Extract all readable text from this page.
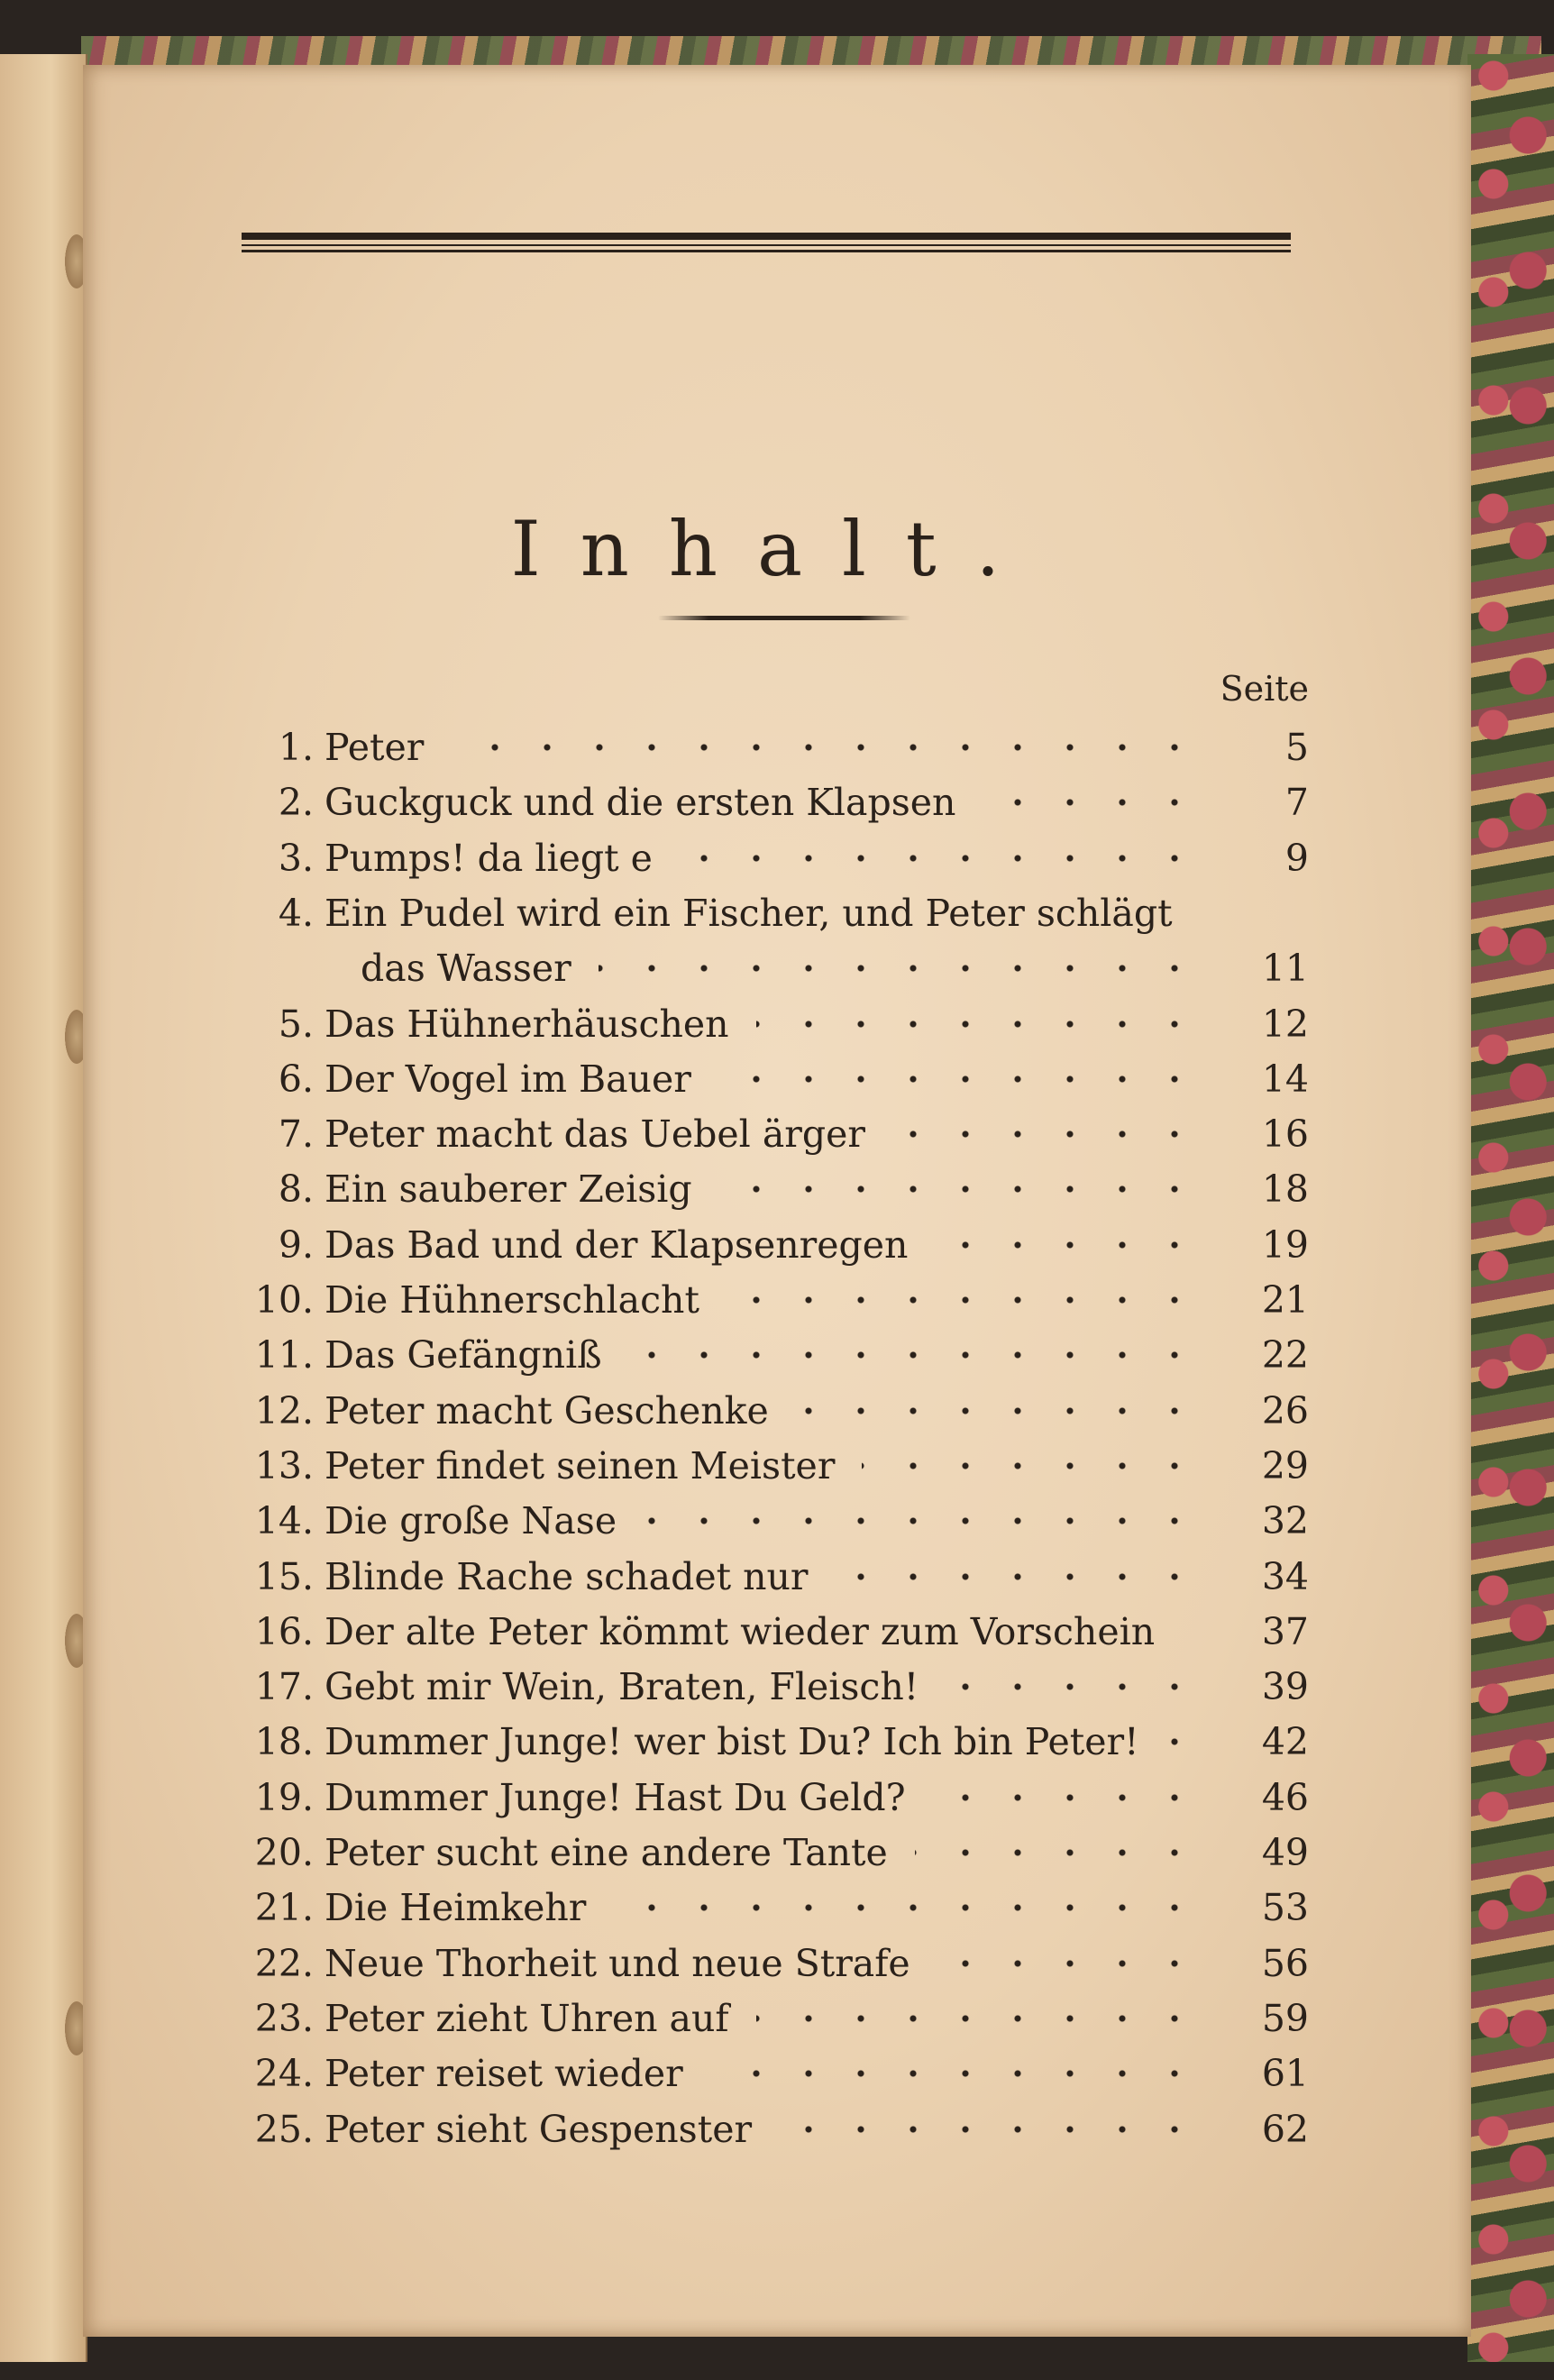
Inhalt.
Seite
1. Peter	5
2. Guckguck und die ersten Klapsen	7
3. Pumps! da liegt e	9
4. Ein Pudel wird ein Fischer, und Peter schlägt
das Wasser	11
5. Das Hühnerhäuschen	12
6. Der Vogel im Bauer	14
7. Peter macht das Uebel ärger	16
8. Ein sauberer Zeisig	18
9. Das Bad und der Klapsenregen	19
10. Die Hühnerschlacht	21
11. Das Gefängniß	22
12. Peter macht Geschenke	26
13. Peter findet seinen Meister	29
14. Die große Nase	32
15. Blinde Rache schadet nur	34
16. Der alte Peter kömmt wieder zum Vorschein	37
17. Gebt mir Wein, Braten, Fleisch!	39
18. Dummer Junge! wer bist Du? Ich bin Peter!	42
19. Dummer Junge! Hast Du Geld?	46
20. Peter sucht eine andere Tante	49
21. Die Heimkehr	53
22. Neue Thorheit und neue Strafe	56
23. Peter zieht Uhren auf	59
24. Peter reiset wieder	61
25. Peter sieht Gespenster	62
